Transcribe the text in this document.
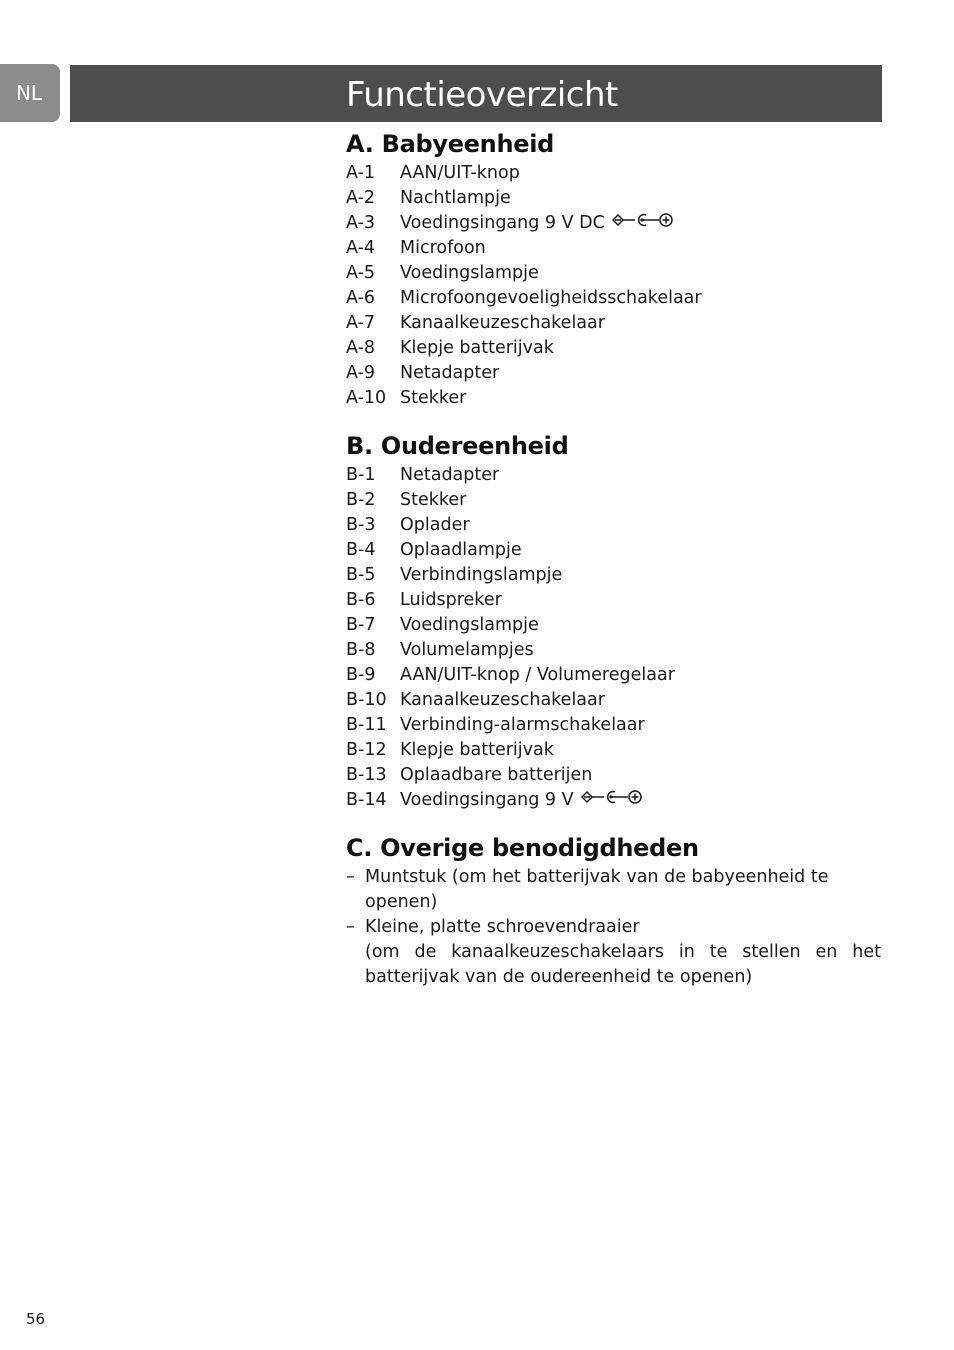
NL	Functieoverzicht
A. Babyeenheid
A-1	AAN/UIT-knop
A-2	Nachtlampje
A-3	Voedingsingang 9 V DC
A-4	Microfoon
A-5	Voedingslampje
A-6	Microfoongevoeligheidsschakelaar
A-7	Kanaalkeuzeschakelaar
A-8	Klepje batterijvak
A-9	Netadapter
A-10 Stekker
B. Oudereenheid
B-1	Netadapter
B-2	Stekker
B-3	Oplader
B-4	Oplaadlampje
B-5	Verbindingslampje
B-6	Luidspreker
B-7	Voedingslampje
B-8	Volumelampjes
B-9	AAN/UIT-knop / Volumeregelaar
B-10 Kanaalkeuzeschakelaar
B-11 Verbinding-alarmschakelaar
B-12 Klepje batterijvak
B-13 Oplaadbare batterijen
B-14 Voedingsingang 9 V
C. Overige benodigdheden
– Muntstuk (om het batterijvak van de babyeenheid te openen)
– Kleine, platte schroevendraaier
(om de kanaalkeuzeschakelaars in te stellen en het batterijvak van de oudereenheid te openen)
56
